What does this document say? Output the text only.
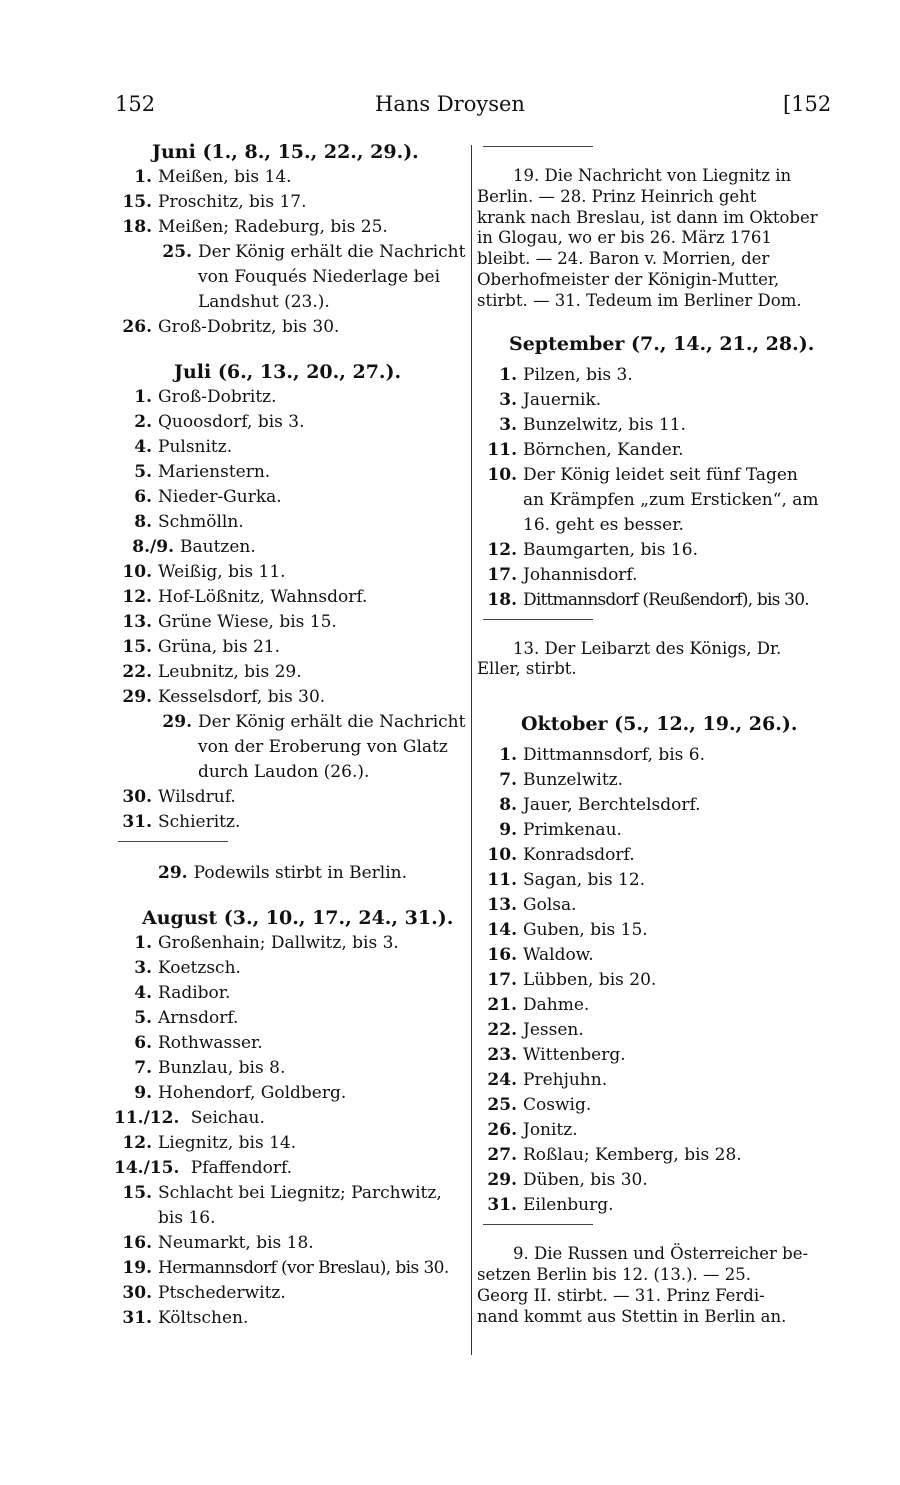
152	Hans Droysen	[152
Juni (1., 8., 15., 22., 29.).
1. Meißen, bis 14.
15. Proschitz, bis 17.
18. Meißen; Radeburg, bis 25.
25. Der König erhält die Nachricht
von Fouqués Niederlage bei
Landshut (23.).
26. Groß-Dobritz, bis 30.
Juli (6., 13., 20., 27.).
1. Groß-Dobritz.
2. Quoosdorf, bis 3.
4. Pulsnitz.
5. Marienstern.
6. Nieder-Gurka.
8. Schmölln.
8./9. Bautzen.
10. Weißig, bis 11.
12. Hof-Lößnitz, Wahnsdorf.
13. Grüne Wiese, bis 15.
15. Grüna, bis 21.
22. Leubnitz, bis 29.
29. Kesselsdorf, bis 30.
29. Der König erhält die Nachricht
von der Eroberung von Glatz
durch Laudon (26.).
30. Wilsdruf.
31. Schieritz.
29. Podewils stirbt in Berlin.
August (3., 10., 17., 24., 31.).
1. Großenhain; Dallwitz, bis 3.
3. Koetzsch.
4. Radibor.
5. Arnsdorf.
6. Rothwasser.
7. Bunzlau, bis 8.
9. Hohendorf, Goldberg.
11./12. Seichau.
12. Liegnitz, bis 14.
14./15. Pfaffendorf.
15. Schlacht bei Liegnitz; Parchwitz,
bis 16.
16. Neumarkt, bis 18.
19. Hermannsdorf (vor Breslau), bis 30.
30. Ptschederwitz.
31. Költschen.
19. Die Nachricht von Liegnitz in
Berlin. — 28. Prinz Heinrich geht
krank nach Breslau, ist dann im Oktober
in Glogau, wo er bis 26. März 1761
bleibt. — 24. Baron v. Morrien, der
Oberhofmeister der Königin-Mutter,
stirbt. — 31. Tedeum im Berliner Dom.
September (7., 14., 21., 28.).
1. Pilzen, bis 3.
3. Jauernik.
3. Bunzelwitz, bis 11.
11. Börnchen, Kander.
10. Der König leidet seit fünf Tagen
an Krämpfen „zum Ersticken“, am
16. geht es besser.
12. Baumgarten, bis 16.
17. Johannisdorf.
18. Dittmannsdorf (Reußendorf), bis 30.
13. Der Leibarzt des Königs, Dr.
Eller, stirbt.
Oktober (5., 12., 19., 26.).
1. Dittmannsdorf, bis 6.
7. Bunzelwitz.
8. Jauer, Berchtelsdorf.
9. Primkenau.
10. Konradsdorf.
11. Sagan, bis 12.
13. Golsa.
14. Guben, bis 15.
16. Waldow.
17. Lübben, bis 20.
21. Dahme.
22. Jessen.
23. Wittenberg.
24. Prehjuhn.
25. Coswig.
26. Jonitz.
27. Roßlau; Kemberg, bis 28.
29. Düben, bis 30.
31. Eilenburg.
9. Die Russen und Österreicher be-
setzen Berlin bis 12. (13.). — 25.
Georg II. stirbt. — 31. Prinz Ferdi-
nand kommt aus Stettin in Berlin an.
